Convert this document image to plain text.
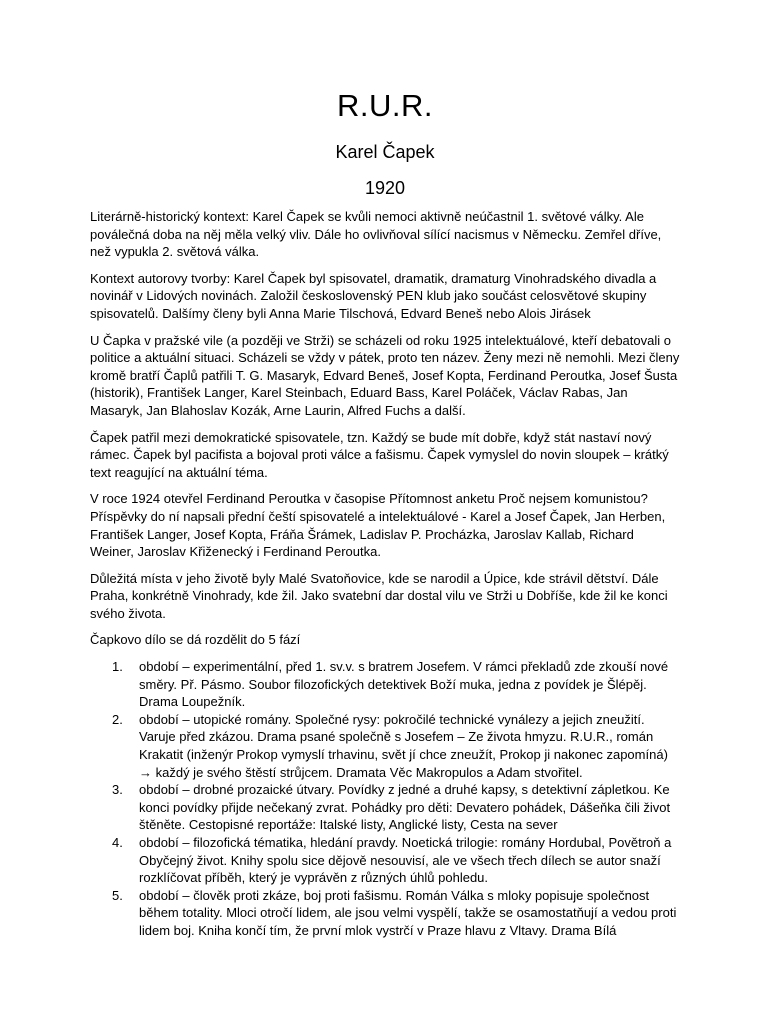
R.U.R.
Karel Čapek
1920

Literárně-historický kontext: Karel Čapek se kvůli nemoci aktivně neúčastnil 1. světové války. Ale poválečná doba na něj měla velký vliv. Dále ho ovlivňoval sílící nacismus v Německu. Zemřel dříve, než vypukla 2. světová válka.

Kontext autorovy tvorby: Karel Čapek byl spisovatel, dramatik, dramaturg Vinohradského divadla a novinář v Lidových novinách. Založil československý PEN klub jako součást celosvětové skupiny spisovatelů. Dalšímy členy byli Anna Marie Tilschová, Edvard Beneš nebo Alois Jirásek

U Čapka v pražské vile (a později ve Strži) se scházeli od roku 1925 intelektuálové, kteří debatovali o politice a aktuální situaci. Scházeli se vždy v pátek, proto ten název. Ženy mezi ně nemohli. Mezi členy kromě bratří Čaplů patřili T. G. Masaryk, Edvard Beneš, Josef Kopta, Ferdinand Peroutka, Josef Šusta (historik), František Langer, Karel Steinbach, Eduard Bass, Karel Poláček, Václav Rabas, Jan Masaryk, Jan Blahoslav Kozák, Arne Laurin, Alfred Fuchs a další.

Čapek patřil mezi demokratické spisovatele, tzn. Každý se bude mít dobře, když stát nastaví nový rámec. Čapek byl pacifista a bojoval proti válce a fašismu. Čapek vymyslel do novin sloupek – krátký text reagující na aktuální téma.

V roce 1924 otevřel Ferdinand Peroutka v časopise Přítomnost anketu Proč nejsem komunistou? Příspěvky do ní napsali přední čeští spisovatelé a intelektuálové - Karel a Josef Čapek, Jan Herben, František Langer, Josef Kopta, Fráňa Šrámek, Ladislav P. Procházka, Jaroslav Kallab, Richard Weiner, Jaroslav Křiženecký i Ferdinand Peroutka.

Důležitá místa v jeho životě byly Malé Svatoňovice, kde se narodil a Úpice, kde strávil dětství. Dále Praha, konkrétně Vinohrady, kde žil. Jako svatební dar dostal vilu ve Strži u Dobříše, kde žil ke konci svého života.

Čapkovo dílo se dá rozdělit do 5 fází

1. období – experimentální, před 1. sv.v. s bratrem Josefem. V rámci překladů zde zkouší nové směry. Př. Pásmo. Soubor filozofických detektivek Boží muka, jedna z povídek je Šlépěj. Drama Loupežník.
2. období – utopické romány. Společné rysy: pokročilé technické vynálezy a jejich zneužití. Varuje před zkázou. Drama psané společně s Josefem – Ze života hmyzu. R.U.R., román Krakatit (inženýr Prokop vymyslí trhavinu, svět jí chce zneužít, Prokop ji nakonec zapomíná) → každý je svého štěstí strůjcem. Dramata Věc Makropulos a Adam stvořitel.
3. období – drobné prozaické útvary. Povídky z jedné a druhé kapsy, s detektivní zápletkou. Ke konci povídky přijde nečekaný zvrat. Pohádky pro děti: Devatero pohádek, Dášeňka čili život štěněte. Cestopisné reportáže: Italské listy, Anglické listy, Cesta na sever
4. období – filozofická tématika, hledání pravdy. Noetická trilogie: romány Hordubal, Povětroň a Obyčejný život. Knihy spolu sice dějově nesouvisí, ale ve všech třech dílech se autor snaží rozklíčovat příběh, který je vyprávěn z různých úhlů pohledu.
5. období – člověk proti zkáze, boj proti fašismu. Román Válka s mloky popisuje společnost během totality. Mloci otročí lidem, ale jsou velmi vyspělí, takže se osamostatňují a vedou proti lidem boj. Kniha končí tím, že první mlok vystrčí v Praze hlavu z Vltavy. Drama Bílá
